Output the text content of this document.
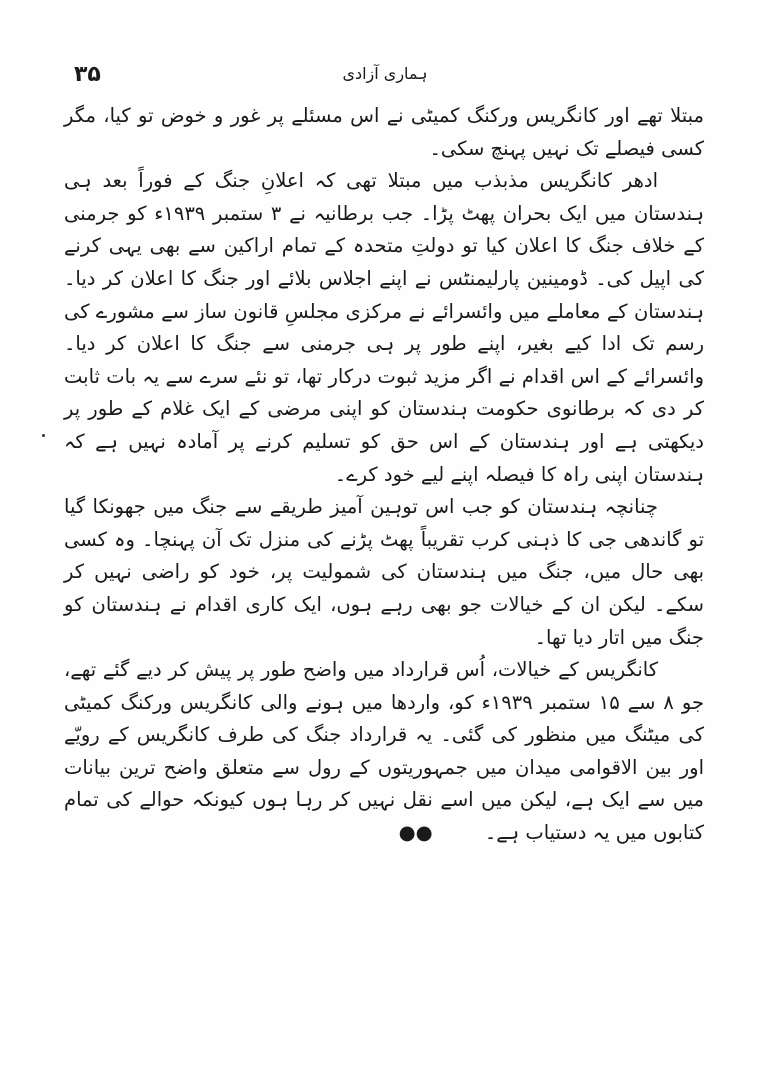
۳۵	ہماری آزادی

مبتلا تھے اور کانگریس ورکنگ کمیٹی نے اس مسئلے پر غور و خوض تو کیا، مگر کسی فیصلے تک نہیں پہنچ سکی۔

ادھر کانگریس مذبذب میں مبتلا تھی کہ اعلانِ جنگ کے فوراً بعد ہی ہندستان میں ایک بحران پھٹ پڑا۔ جب برطانیہ نے ۳ ستمبر ۱۹۳۹ء کو جرمنی کے خلاف جنگ کا اعلان کیا تو دولتِ متحدہ کے تمام اراکین سے بھی یہی کرنے کی اپیل کی۔ ڈومینین پارلیمنٹس نے اپنے اجلاس بلائے اور جنگ کا اعلان کر دیا۔ ہندستان کے معاملے میں وائسرائے نے مرکزی مجلسِ قانون ساز سے مشورے کی رسم تک ادا کیے بغیر، اپنے طور پر ہی جرمنی سے جنگ کا اعلان کر دیا۔ وائسرائے کے اس اقدام نے اگر مزید ثبوت درکار تھا، تو نئے سرے سے یہ بات ثابت کر دی کہ برطانوی حکومت ہندستان کو اپنی مرضی کے ایک غلام کے طور پر دیکھتی ہے اور ہندستان کے اس حق کو تسلیم کرنے پر آمادہ نہیں ہے کہ ہندستان اپنی راہ کا فیصلہ اپنے لیے خود کرے۔

چنانچہ ہندستان کو جب اس توہین آمیز طریقے سے جنگ میں جھونکا گیا تو گاندھی جی کا ذہنی کرب تقریباً پھٹ پڑنے کی منزل تک آن پہنچا۔ وہ کسی بھی حال میں، جنگ میں ہندستان کی شمولیت پر، خود کو راضی نہیں کر سکے۔ لیکن ان کے خیالات جو بھی رہے ہوں، ایک کاری اقدام نے ہندستان کو جنگ میں اتار دیا تھا۔

کانگریس کے خیالات، اُس قرارداد میں واضح طور پر پیش کر دیے گئے تھے، جو ۸ سے ۱۵ ستمبر ۱۹۳۹ء کو، واردھا میں ہونے والی کانگریس ورکنگ کمیٹی کی میٹنگ میں منظور کی گئی۔ یہ قرارداد جنگ کی طرف کانگریس کے رویّے اور بین الاقوامی میدان میں جمہوریتوں کے رول سے متعلق واضح ترین بیانات میں سے ایک ہے، لیکن میں اسے نقل نہیں کر رہا ہوں کیونکہ حوالے کی تمام کتابوں میں یہ دستیاب ہے۔ ●●
